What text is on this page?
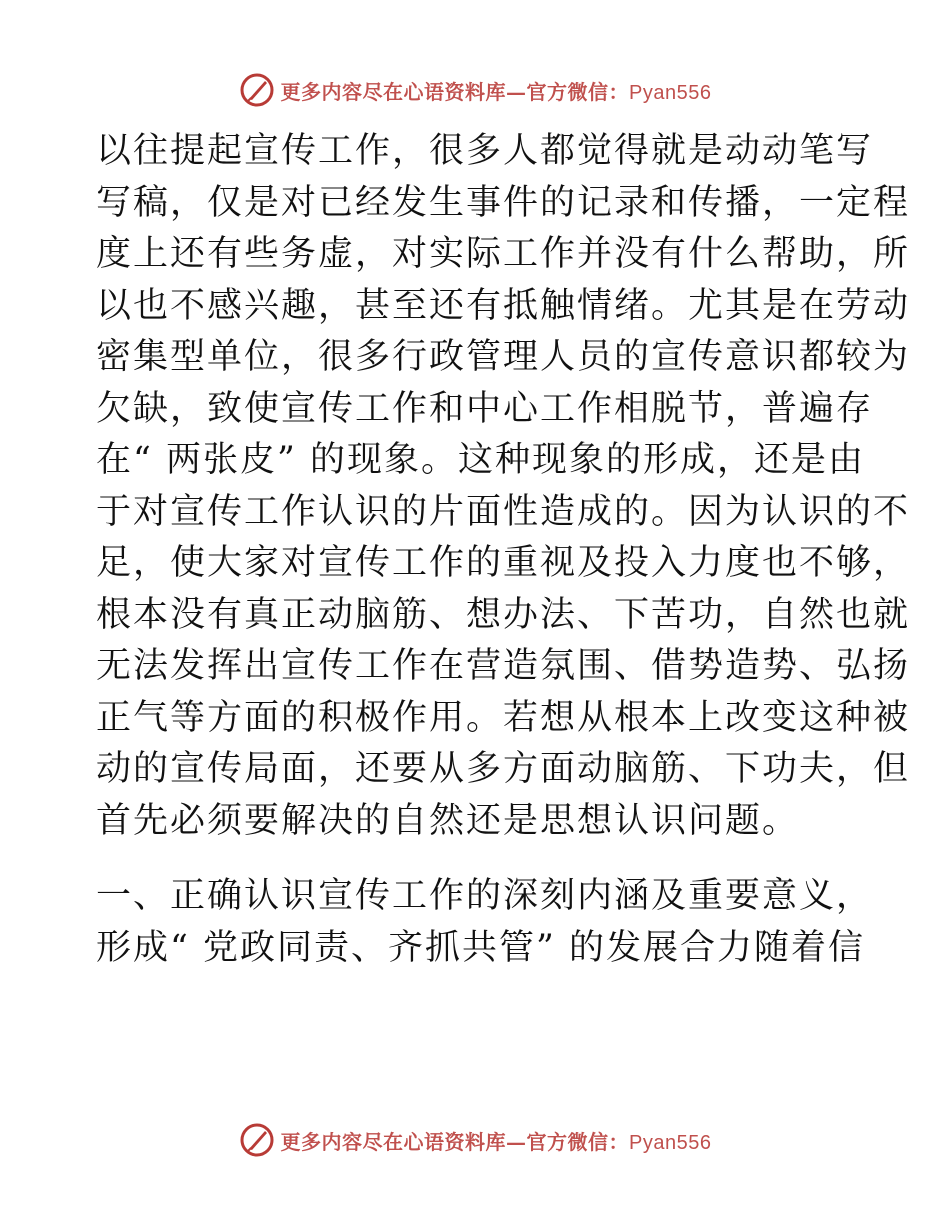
更多内容尽在心语资料库—官方微信：Pyan556
以往提起宣传工作，很多人都觉得就是动动笔写
写稿，仅是对已经发生事件的记录和传播，一定程
度上还有些务虚，对实际工作并没有什么帮助，所
以也不感兴趣，甚至还有抵触情绪。尤其是在劳动
密集型单位，很多行政管理人员的宣传意识都较为
欠缺，致使宣传工作和中心工作相脱节，普遍存
在“ 两张皮” 的现象。这种现象的形成，还是由
于对宣传工作认识的片面性造成的。因为认识的不
足，使大家对宣传工作的重视及投入力度也不够，
根本没有真正动脑筋、想办法、下苦功，自然也就
无法发挥出宣传工作在营造氛围、借势造势、弘扬
正气等方面的积极作用。若想从根本上改变这种被
动的宣传局面，还要从多方面动脑筋、下功夫，但
首先必须要解决的自然还是思想认识问题。
一、正确认识宣传工作的深刻内涵及重要意义，
形成“ 党政同责、齐抓共管” 的发展合力随着信
更多内容尽在心语资料库—官方微信：Pyan556
